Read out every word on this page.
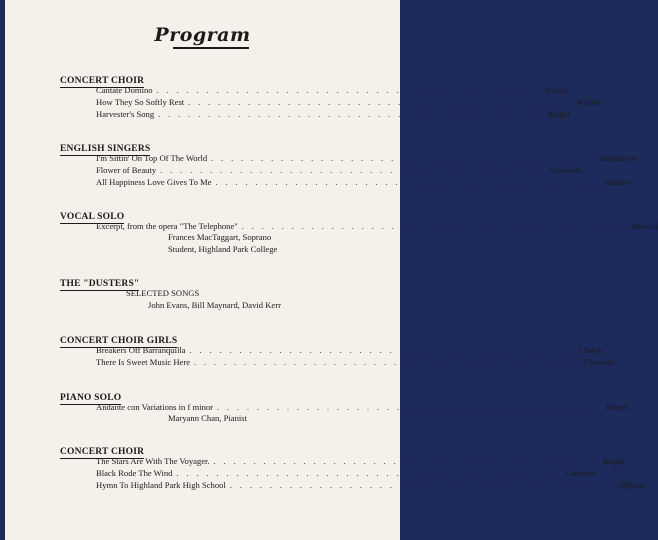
Program
CONCERT CHOIR
Cantate Domino . . . . . . . . . . . . . . . . . . . . . . . . . . . . . . . . . . . . . . . Pitoni
How They So Softly Rest . . . . . . . . . . . . . . . . . . . . . . . . . . . . . . . . . . . . . . . Willan
Harvester's Song . . . . . . . . . . . . . . . . . . . . . . . . . . . . . . . . . . . . . . . Berger
ENGLISH SINGERS
I'm Sittin' On Top Of The World . . . . . . . . . . . . . . . . . . . . . . . . . . . . . . . . . . . . . . . Henderson
Flower of Beauty . . . . . . . . . . . . . . . . . . . . . . . . . . . . . . . . . . . . . . . Clements
All Happiness Love Gives To Me . . . . . . . . . . . . . . . . . . . . . . . . . . . . . . . . . . . . . . . Hassler
VOCAL SOLO
Excerpt, from the opera "The Telephone" . . . . . . . . . . . . . . . . . . . . . . . . . . . . . . . . . . . . . . . Menotti
Frances MacTaggart, Soprano
Student, Highland Park College
THE "DUSTERS"
SELECTED SONGS
John Evans, Bill Maynard, David Kerr
CONCERT CHOIR GIRLS
Breakers Off Barranquilla . . . . . . . . . . . . . . . . . . . . . . . . . . . . . . . . . . . . . . . Clokey
There Is Sweet Music Here . . . . . . . . . . . . . . . . . . . . . . . . . . . . . . . . . . . . . . . Clements
PIANO SOLO
Andante con Variations in f minor . . . . . . . . . . . . . . . . . . . . . . . . . . . . . . . . . . . . . . . Haydn
Maryann Chan, Pianist
CONCERT CHOIR
The Stars Are With The Voyager. . . . . . . . . . . . . . . . . . . . . . . . . . . . . . . . . . . . . . . . Bright
Black Rode The Wind . . . . . . . . . . . . . . . . . . . . . . . . . . . . . . . . . . . . . . . Cacavas
Hymn To Highland Park High School . . . . . . . . . . . . . . . . . . . . . . . . . . . . . . . . . . . . . . . Gifford
